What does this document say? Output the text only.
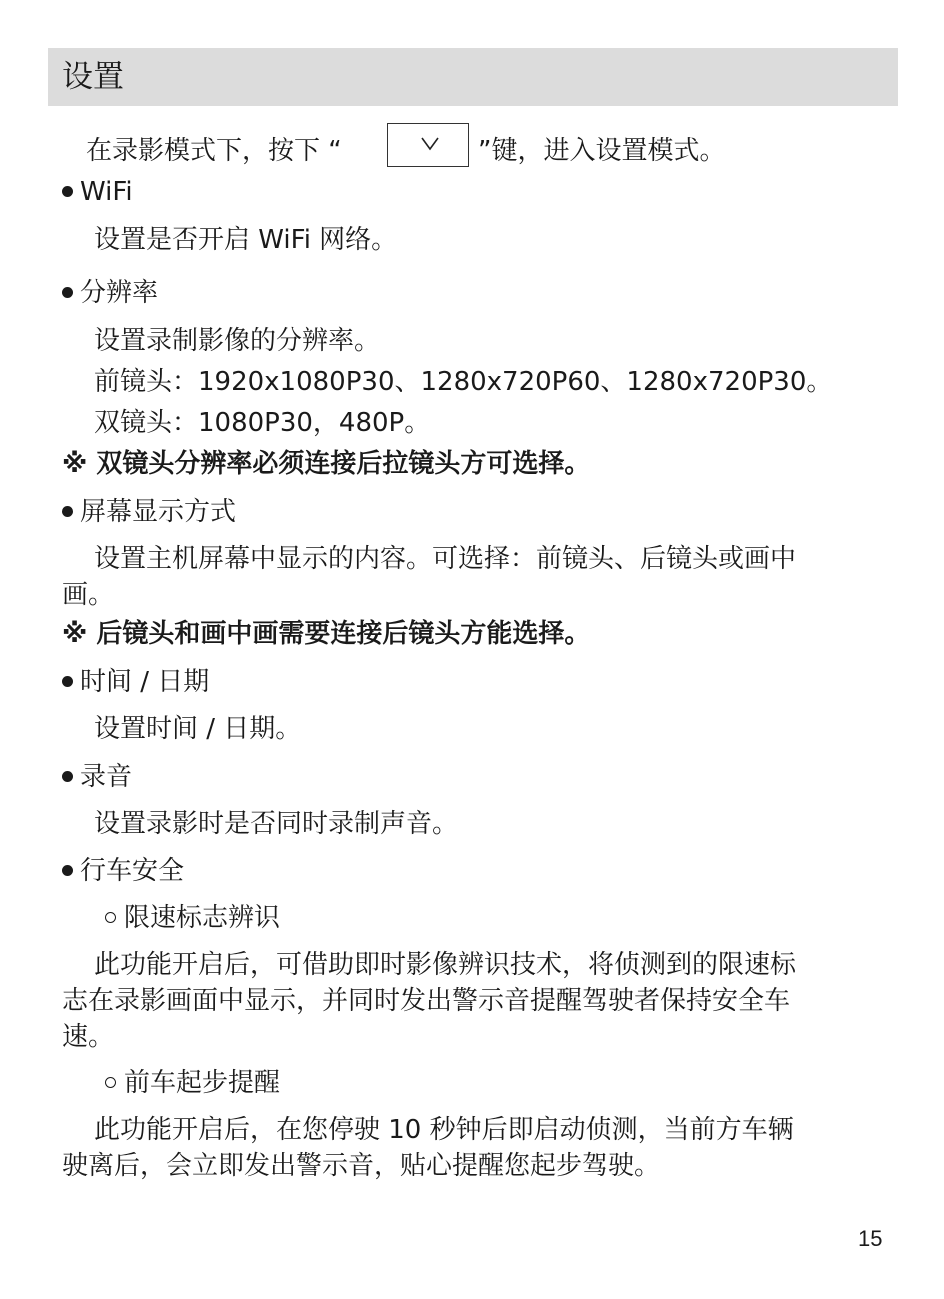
设置
在录影模式下，按下 “	”键，进入设置模式。
WiFi
设置是否开启 WiFi 网络。
分辨率
设置录制影像的分辨率。
前镜头：1920x1080P30、1280x720P60、1280x720P30。
双镜头：1080P30，480P。
※ 双镜头分辨率必须连接后拉镜头方可选择。
屏幕显示方式
设置主机屏幕中显示的内容。可选择：前镜头、后镜头或画中
画。
※ 后镜头和画中画需要连接后镜头方能选择。
时间 / 日期
设置时间 / 日期。
录音
设置录影时是否同时录制声音。
行车安全
限速标志辨识
此功能开启后，可借助即时影像辨识技术，将侦测到的限速标
志在录影画面中显示，并同时发出警示音提醒驾驶者保持安全车
速。
前车起步提醒
此功能开启后，在您停驶 10 秒钟后即启动侦测，当前方车辆
驶离后，会立即发出警示音，贴心提醒您起步驾驶。
15
